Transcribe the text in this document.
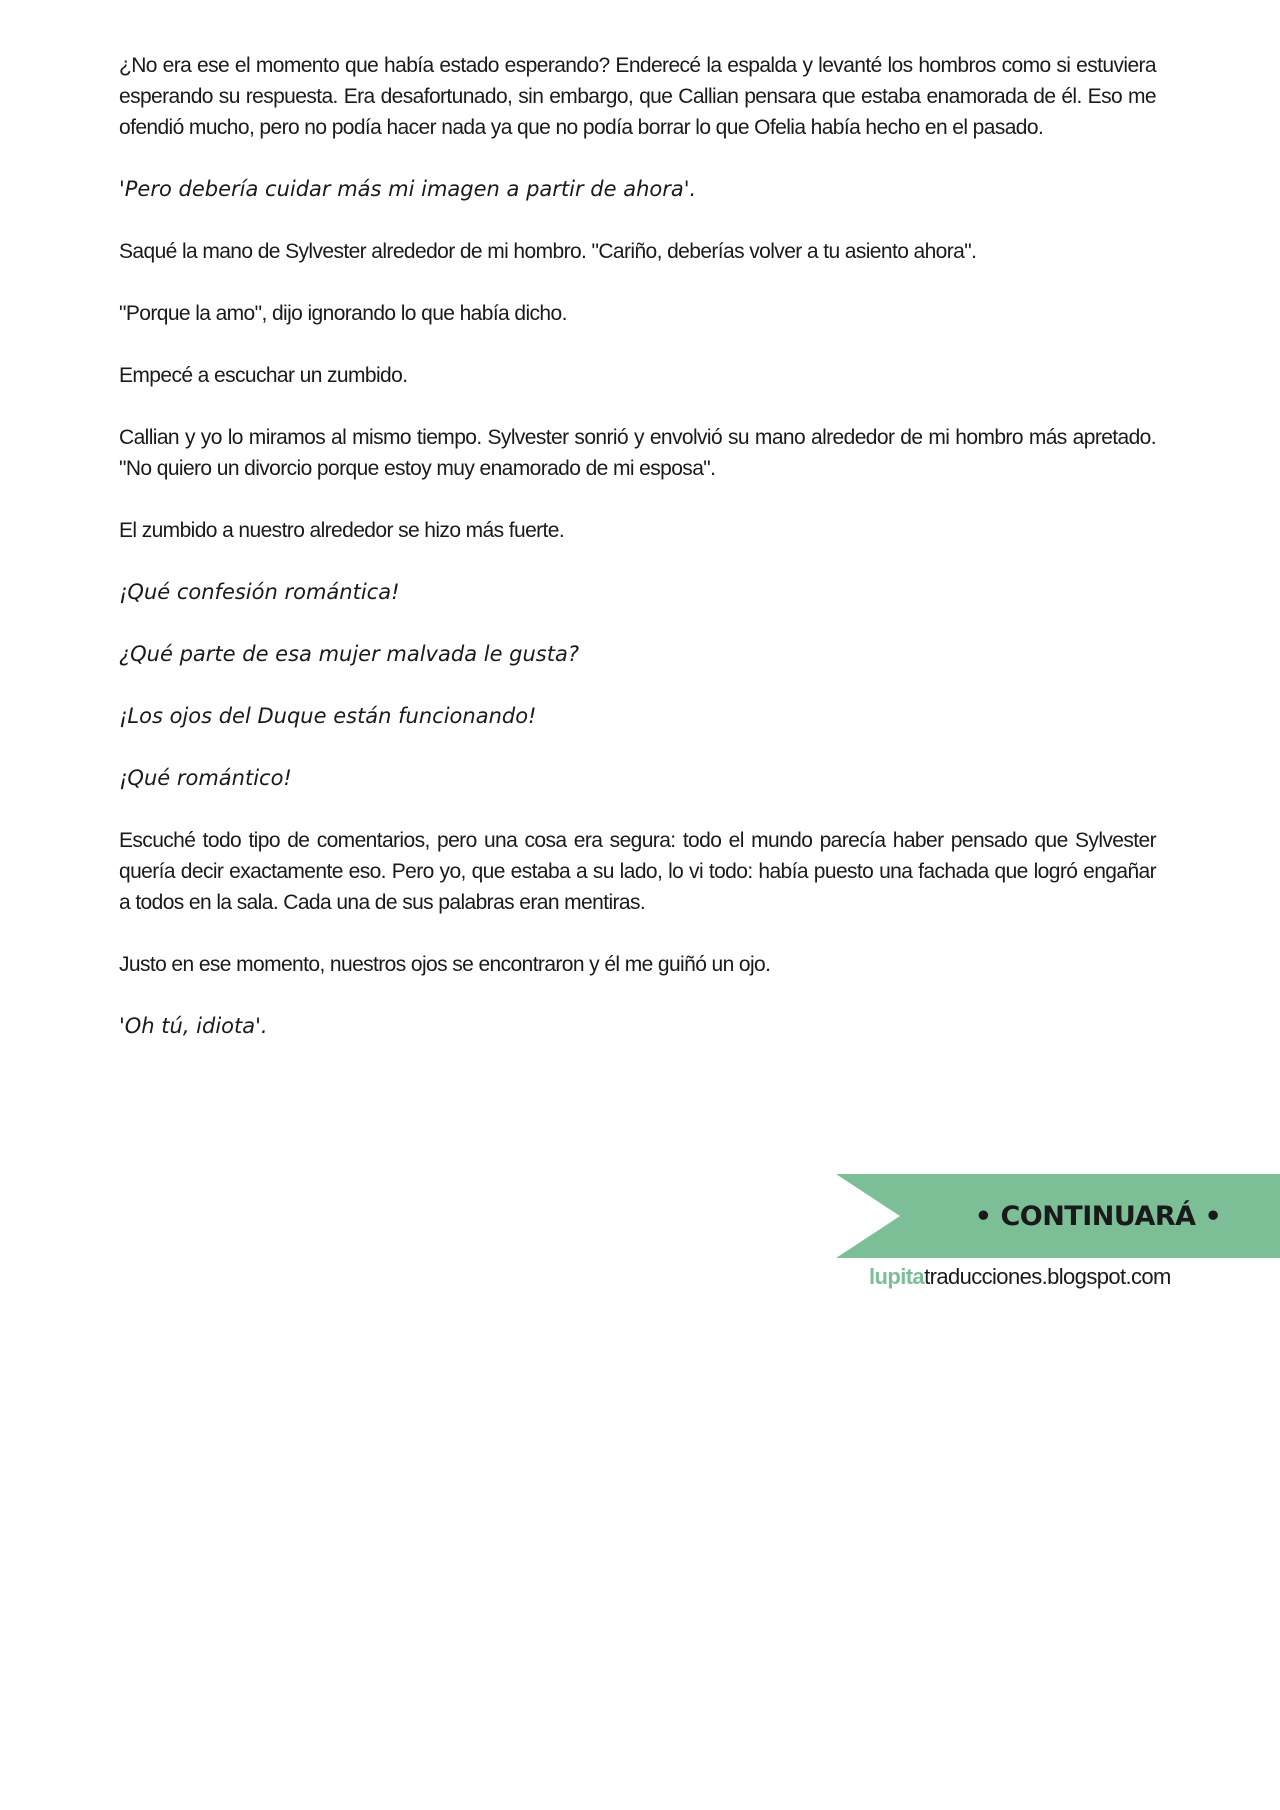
¿No era ese el momento que había estado esperando? Enderecé la espalda y levanté los hombros como si estuviera esperando su respuesta. Era desafortunado, sin embargo, que Callian pensara que estaba enamorada de él. Eso me ofendió mucho, pero no podía hacer nada ya que no podía borrar lo que Ofelia había hecho en el pasado.

'Pero debería cuidar más mi imagen a partir de ahora'.

Saqué la mano de Sylvester alrededor de mi hombro. "Cariño, deberías volver a tu asiento ahora".

"Porque la amo", dijo ignorando lo que había dicho.

Empecé a escuchar un zumbido.

Callian y yo lo miramos al mismo tiempo. Sylvester sonrió y envolvió su mano alrededor de mi hombro más apretado. "No quiero un divorcio porque estoy muy enamorado de mi esposa".

El zumbido a nuestro alrededor se hizo más fuerte.

¡Qué confesión romántica!

¿Qué parte de esa mujer malvada le gusta?

¡Los ojos del Duque están funcionando!

¡Qué romántico!

Escuché todo tipo de comentarios, pero una cosa era segura: todo el mundo parecía haber pensado que Sylvester quería decir exactamente eso. Pero yo, que estaba a su lado, lo vi todo: había puesto una fachada que logró engañar a todos en la sala. Cada una de sus palabras eran mentiras.

Justo en ese momento, nuestros ojos se encontraron y él me guiñó un ojo.

'Oh tú, idiota'.

• CONTINUARÁ •
lupitatraducciones.blogspot.com
